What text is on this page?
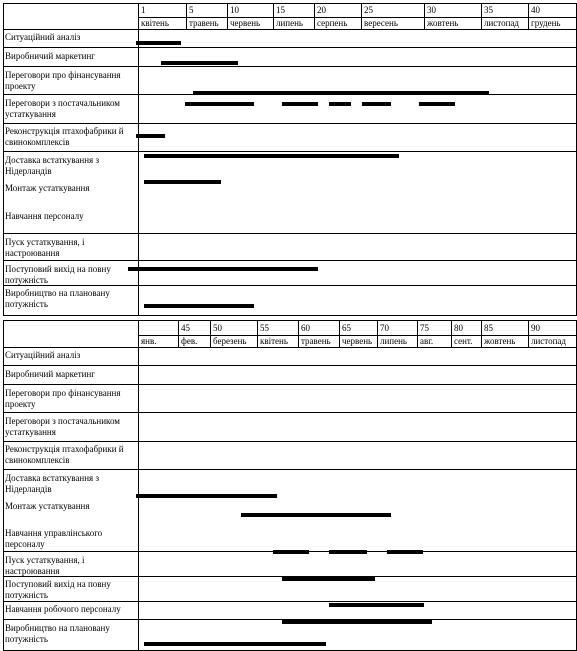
1	5	10	15	20	25	30	35	40
квітень травень червень липень серпень вересень	жовтень	листопад грудень
Ситуаційний аналіз
Виробничий маркетинг
Переговори про фінансування проекту
Переговори з постачальником устаткування
Реконструкція птахофабрики й свинокомплексів
Доставка встаткування з Нідерландів
Монтаж устаткування
Навчання персоналу
Пуск устаткування, і настроювання
Поступовий вихід на повну потужність
Виробництво на плановану потужність
45	50	55	60	65	70	75	80 85	90
янв.	фев. березень квітень травень червень липень авг. сент. жовтень листопад
Ситуаційний аналіз
Виробничий маркетинг
Переговори про фінансування проекту
Переговори з постачальником устаткування
Реконструкція птахофабрики й свинокомплексів
Доставка встаткування з Нідерландів
Монтаж устаткування
Навчання управлінського персоналу
Пуск устаткування, і настроювання
Поступовий вихід на повну потужність
Навчання робочого персоналу
Виробництво на плановану потужність
